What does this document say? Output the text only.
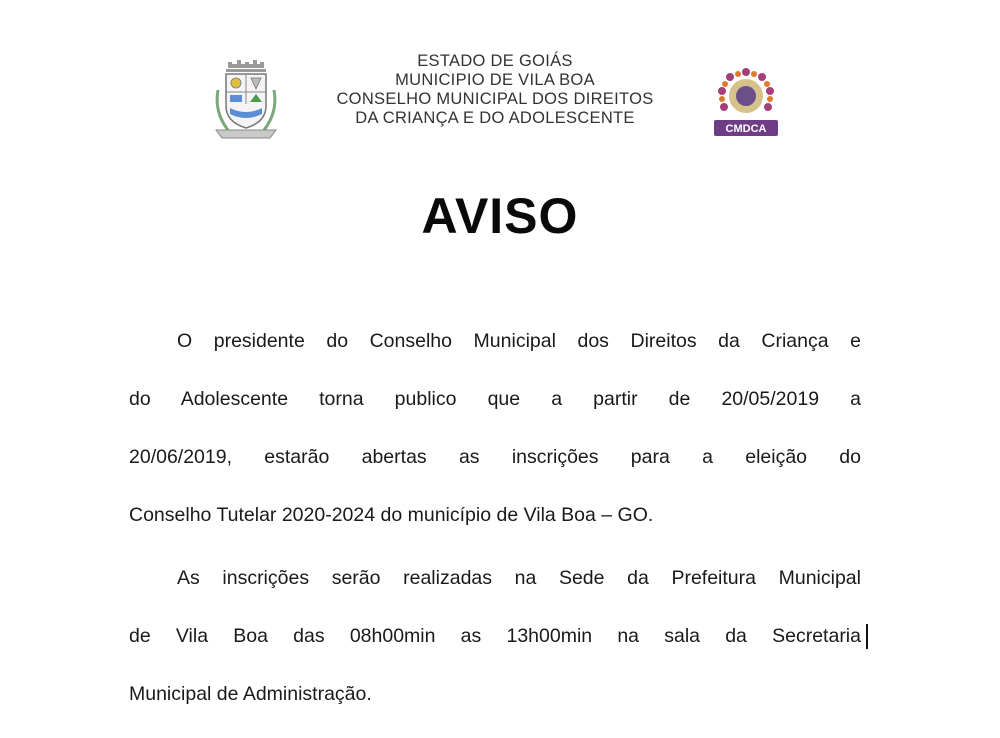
ESTADO DE GOIÁS
MUNICIPIO DE VILA BOA
CONSELHO MUNICIPAL DOS DIREITOS
DA CRIANÇA E DO ADOLESCENTE
CMDCA
AVISO
O presidente do Conselho Municipal dos Direitos da Criança e
do Adolescente torna publico que a partir de 20/05/2019 a
20/06/2019, estarão abertas as inscrições para a eleição do
Conselho Tutelar 2020-2024 do município de Vila Boa – GO.
As inscrições serão realizadas na Sede da Prefeitura Municipal
de Vila Boa das 08h00min as 13h00min na sala da Secretaria
Municipal de Administração.
